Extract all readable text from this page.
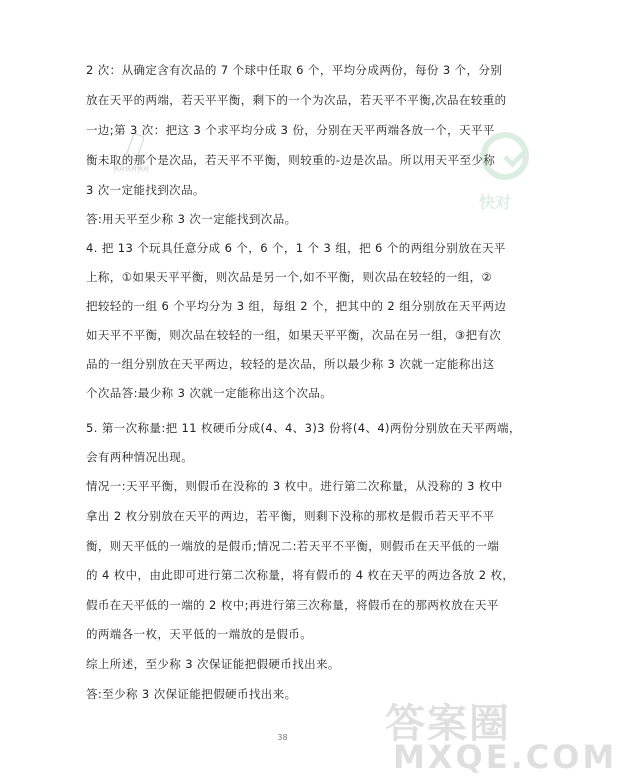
2 次：从确定含有次品的 7 个球中任取 6 个，平均分成两份，每份 3 个，分别
放在天平的两端，若天平平衡，剩下的一个为次品，若天平不平衡,次品在较重的
一边;第 3 次：把这 3 个求平均分成 3 份，分别在天平两端各放一个，天平平
衡未取的那个是次品，若天平不平衡，则较重的-边是次品。所以用天平至少称
3 次一定能找到次品。
答:用天平至少称 3 次一定能找到次品。
4. 把 13 个玩具任意分成 6 个，6 个，1 个 3 组，把 6 个的两组分别放在天平
上称，①如果天平平衡，则次品是另一个,如不平衡，则次品在较轻的一组，②
把较轻的一组 6 个平均分为 3 组，每组 2 个，把其中的 2 组分别放在天平两边
如天平不平衡，则次品在较轻的一组，如果天平平衡，次品在另一组，③把有次
品的一组分别放在天平两边，较轻的是次品，所以最少称 3 次就一定能称出这
个次品答:最少称 3 次就一定能称出这个次品。
5. 第一次称量:把 11 枚硬币分成(4、4、3)3 份将(4、4)两份分别放在天平两端，
会有两种情况出现。
情况一:天平平衡，则假币在没称的 3 枚中。进行第二次称量，从没称的 3 枚中
拿出 2 枚分别放在天平的两边，若平衡，则剩下没称的那枚是假币若天平不平
衡，则天平低的一端放的是假币;情况二:若天平不平衡，则假币在天平低的一端
的 4 枚中，由此即可进行第二次称量，将有假币的 4 枚在天平的两边各放 2 枚，
假币在天平低的一端的 2 枚中;再进行第三次称量，将假币在的那两枚放在天平
的两端各一枚，天平低的一端放的是假币。
综上所述，至少称 3 次保证能把假硬币找出来。
答:至少称 3 次保证能把假硬币找出来。
38
快对
快对快对快对
答案圈
MXQE.COM
